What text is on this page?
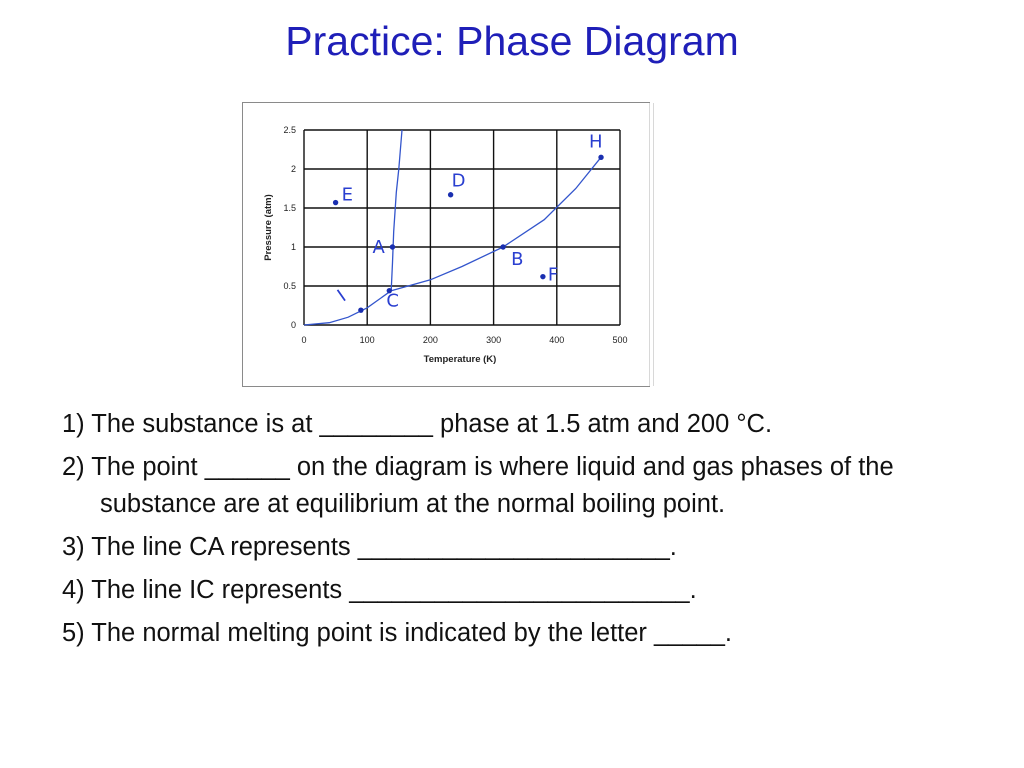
Practice: Phase Diagram
0	100	200	300	400	500
0
0.5
1
1.5
2
2.5
Temperature (K)
Pressure (atm)	E
D
H
A
B
F
I C

1) The substance is at ________ phase at 1.5 atm and 200 °C.

2) The point ______ on the diagram is where liquid and gas phases of the substance are at equilibrium at the normal boiling point.

3) The line CA represents ______________________.

4) The line IC represents ________________________.

5) The normal melting point is indicated by the letter _____.
